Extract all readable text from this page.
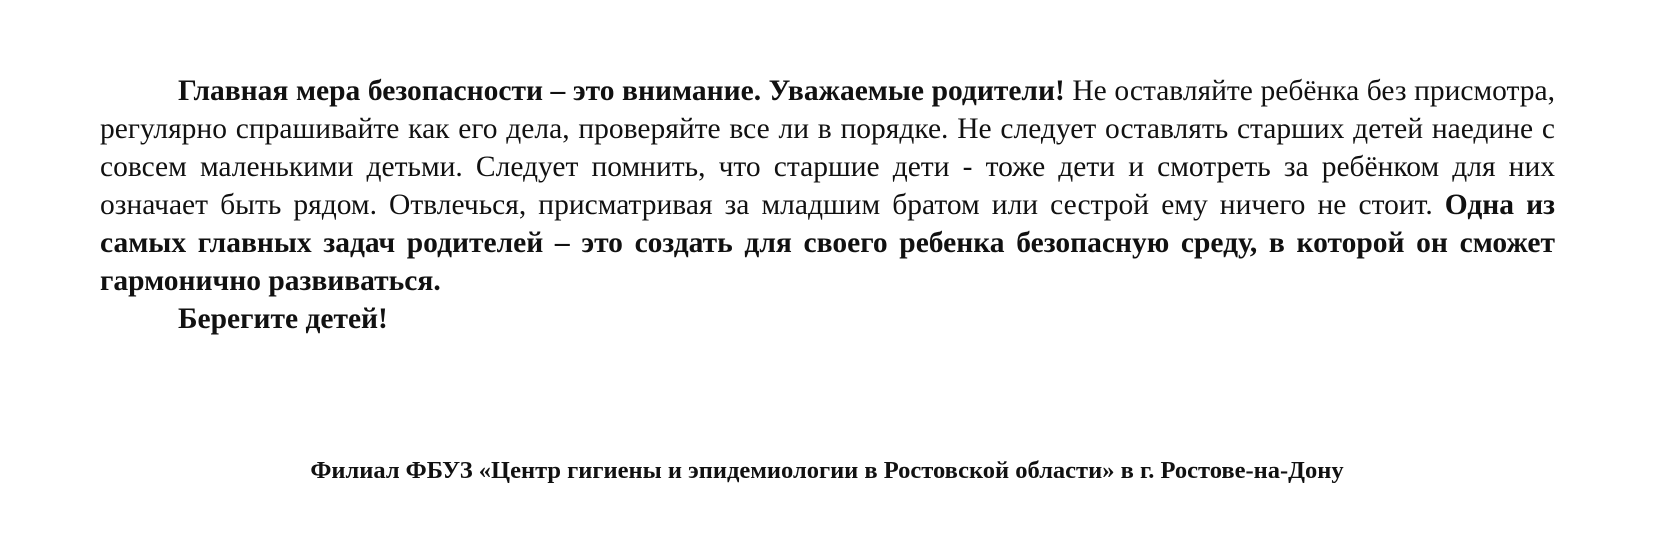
Главная мера безопасности – это внимание. Уважаемые родители! Не оставляйте ребёнка без присмотра, регулярно спрашивайте как его дела, проверяйте все ли в порядке. Не следует оставлять старших детей наедине с совсем маленькими детьми. Следует помнить, что старшие дети - тоже дети и смотреть за ребёнком для них означает быть рядом. Отвлечься, присматривая за младшим братом или сестрой ему ничего не стоит. Одна из самых главных задач родителей – это создать для своего ребенка безопасную среду, в которой он сможет гармонично развиваться.

Берегите детей!
Филиал ФБУЗ «Центр гигиены и эпидемиологии в Ростовской области» в г. Ростове-на-Дону
